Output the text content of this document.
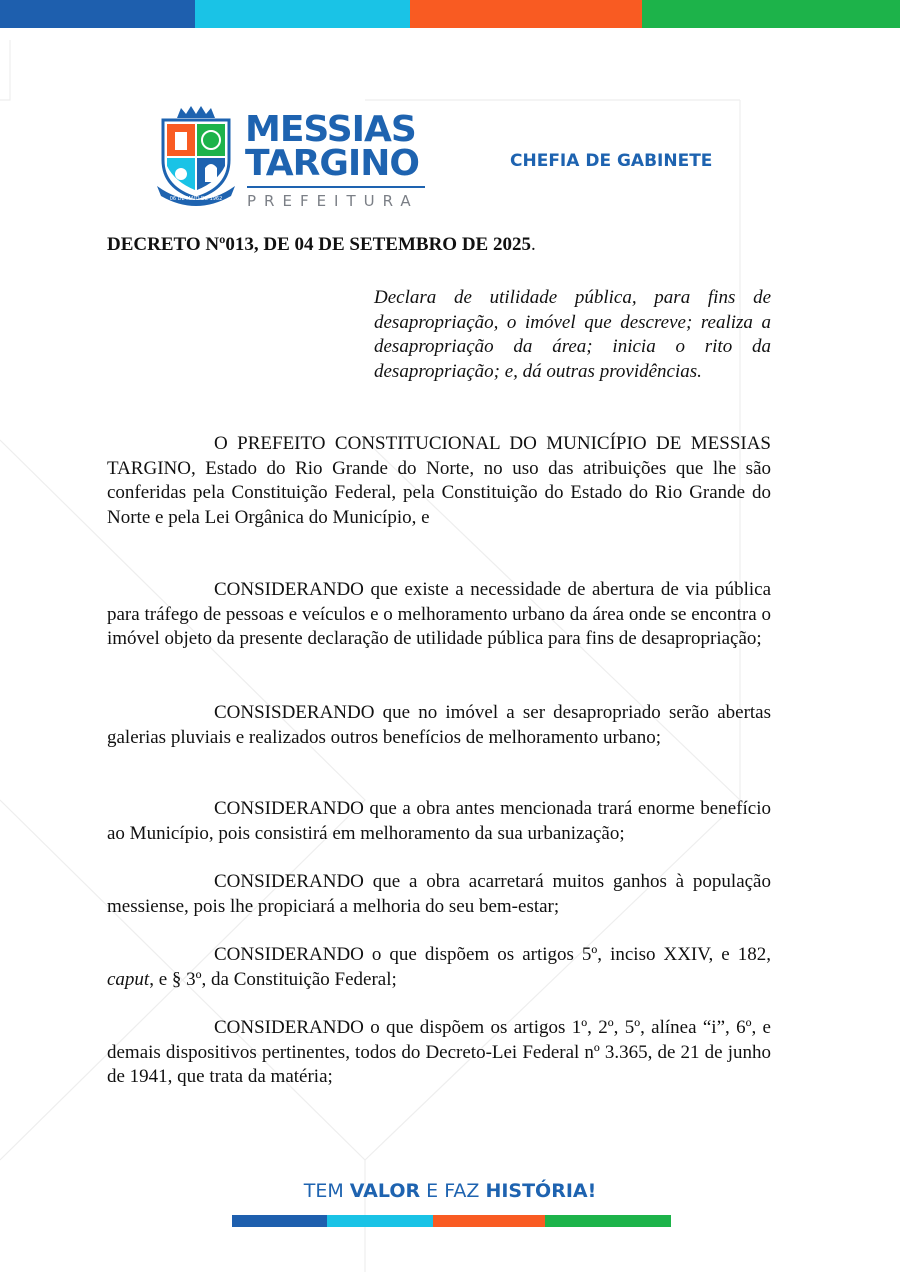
06 DE MAIO DE 1962
MESSIAS
TARGINO
PREFEITURA
CHEFIA DE GABINETE
DECRETO Nº013, DE 04 DE SETEMBRO DE 2025.
Declara de utilidade pública, para fins de desapropriação, o imóvel que descreve; realiza a desapropriação da área; inicia o rito da desapropriação; e, dá outras providências.

O PREFEITO CONSTITUCIONAL DO MUNICÍPIO DE MESSIAS TARGINO, Estado do Rio Grande do Norte, no uso das atribuições que lhe são conferidas pela Constituição Federal, pela Constituição do Estado do Rio Grande do Norte e pela Lei Orgânica do Município, e

CONSIDERANDO que existe a necessidade de abertura de via pública para tráfego de pessoas e veículos e o melhoramento urbano da área onde se encontra o imóvel objeto da presente declaração de utilidade pública para fins de desapropriação;

CONSISDERANDO que no imóvel a ser desapropriado serão abertas galerias pluviais e realizados outros benefícios de melhoramento urbano;

CONSIDERANDO que a obra antes mencionada trará enorme benefício ao Município, pois consistirá em melhoramento da sua urbanização;

CONSIDERANDO que a obra acarretará muitos ganhos à população messiense, pois lhe propiciará a melhoria do seu bem-estar;

CONSIDERANDO o que dispõem os artigos 5º, inciso XXIV, e 182, caput, e § 3º, da Constituição Federal;

CONSIDERANDO o que dispõem os artigos 1º, 2º, 5º, alínea “i”, 6º, e demais dispositivos pertinentes, todos do Decreto-Lei Federal nº 3.365, de 21 de junho de 1941, que trata da matéria;

TEM VALOR E FAZ HISTÓRIA!
